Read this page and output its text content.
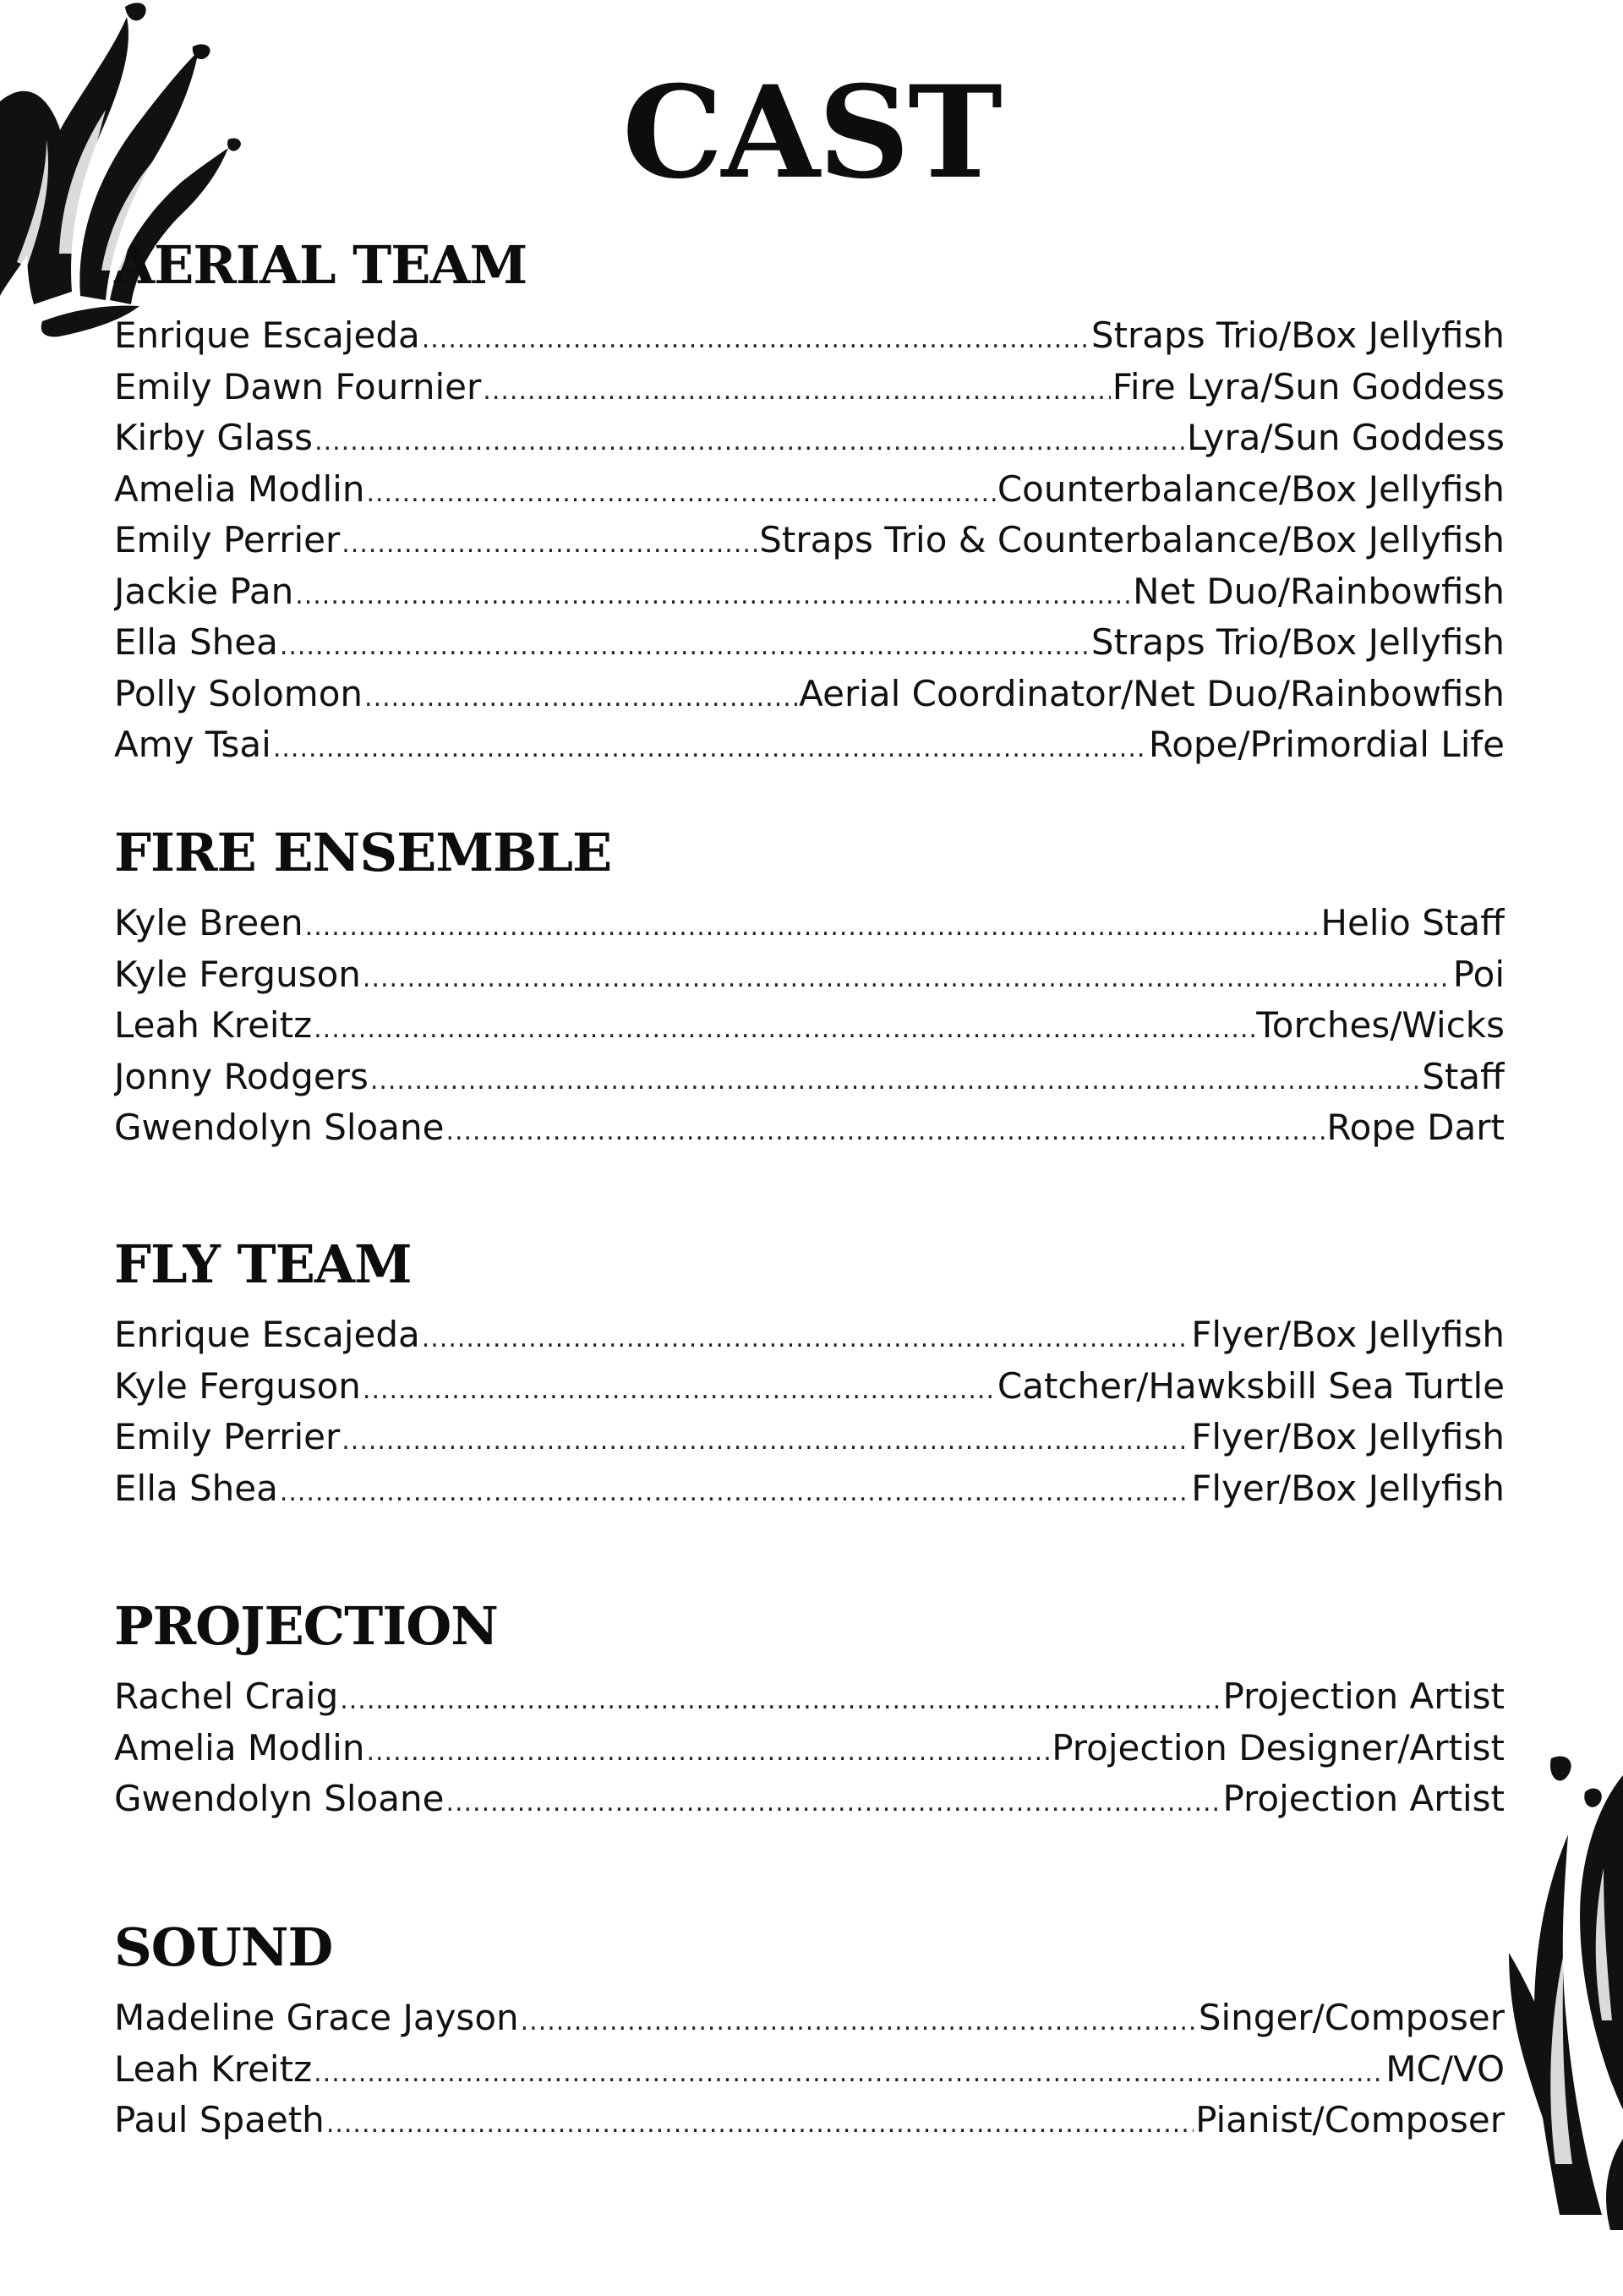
CAST
AERIAL TEAM
Enrique Escajeda .....	Straps Trio/Box Jellyfish
Emily Dawn Fournier .....	Fire Lyra/Sun Goddess
Kirby Glass .....	Lyra/Sun Goddess
Amelia Modlin .....	Counterbalance/Box Jellyfish
Emily Perrier .....	Straps Trio & Counterbalance/Box Jellyfish
Jackie Pan .....	Net Duo/Rainbowfish
Ella Shea .....	Straps Trio/Box Jellyfish
Polly Solomon .....	Aerial Coordinator/Net Duo/Rainbowfish
Amy Tsai .....	Rope/Primordial Life
FIRE ENSEMBLE
Kyle Breen .....	Helio Staff
Kyle Ferguson .....	Poi
Leah Kreitz .....	Torches/Wicks
Jonny Rodgers .....	Staff
Gwendolyn Sloane .....	Rope Dart
FLY TEAM
Enrique Escajeda .....	Flyer/Box Jellyfish
Kyle Ferguson .....	Catcher/Hawksbill Sea Turtle
Emily Perrier .....	Flyer/Box Jellyfish
Ella Shea .....	Flyer/Box Jellyfish
PROJECTION
Rachel Craig .....	Projection Artist
Amelia Modlin .....	Projection Designer/Artist
Gwendolyn Sloane .....	Projection Artist
SOUND
Madeline Grace Jayson .....	Singer/Composer
Leah Kreitz .....	MC/VO
Paul Spaeth .....	Pianist/Composer
